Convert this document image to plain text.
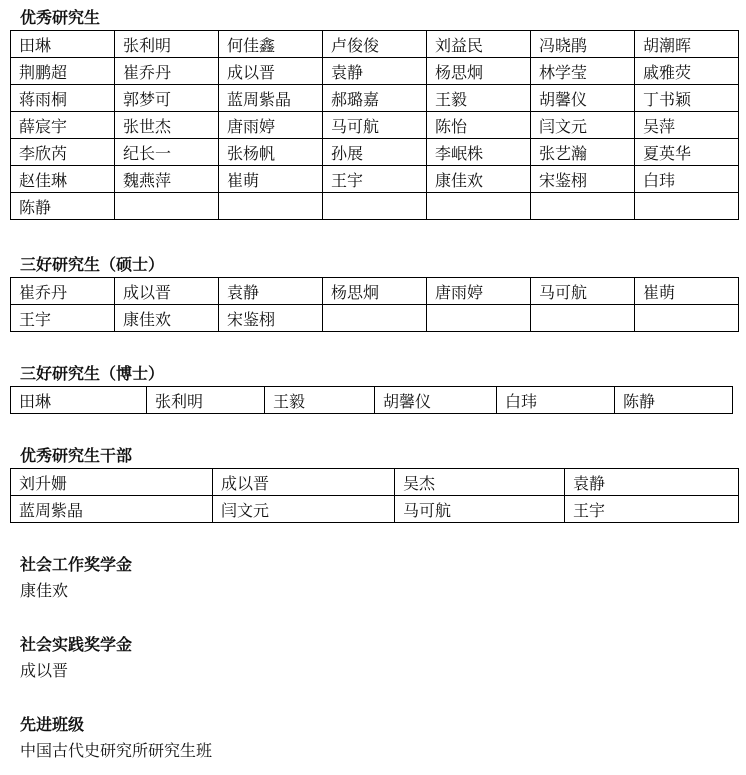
优秀研究生
田琳	张利明	何佳鑫	卢俊俊	刘益民	冯晓鹃	胡潮晖
荆鹏超	崔乔丹	成以晋	袁静	杨思炯	林学莹	戚雅荧
蒋雨桐	郭梦可	蓝周紫晶	郝璐嘉	王毅	胡馨仪	丁书颖
薛宸宇	张世杰	唐雨婷	马可航	陈怡	闫文元	吴萍
李欣芮	纪长一	张杨帆	孙展	李岷株	张艺瀚	夏英华
赵佳琳	魏燕萍	崔萌	王宇	康佳欢	宋鉴栩	白玮
陈静						
三好研究生（硕士）
崔乔丹	成以晋	袁静	杨思炯	唐雨婷	马可航	崔萌
王宇	康佳欢	宋鉴栩				
三好研究生（博士）
田琳	张利明	王毅	胡馨仪	白玮	陈静
优秀研究生干部
刘升姗	成以晋	吴杰	袁静
蓝周紫晶	闫文元	马可航	王宇
社会工作奖学金
康佳欢
社会实践奖学金
成以晋
先进班级
中国古代史研究所研究生班
